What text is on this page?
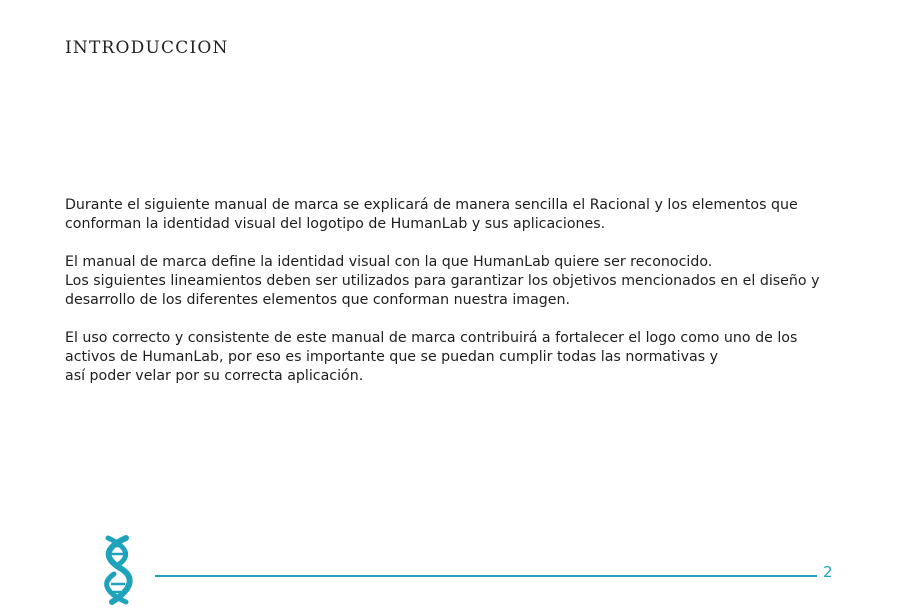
INTRODUCCION

Durante el siguiente manual de marca se explicará de manera sencilla el Racional y los elementos que
conforman la identidad visual del logotipo de HumanLab y sus aplicaciones.

El manual de marca define la identidad visual con la que HumanLab quiere ser reconocido.
Los siguientes lineamientos deben ser utilizados para garantizar los objetivos mencionados en el diseño y
desarrollo de los diferentes elementos que conforman nuestra imagen.

El uso correcto y consistente de este manual de marca contribuirá a fortalecer el logo como uno de los
activos de HumanLab, por eso es importante que se puedan cumplir todas las normativas y
así poder velar por su correcta aplicación.

2
